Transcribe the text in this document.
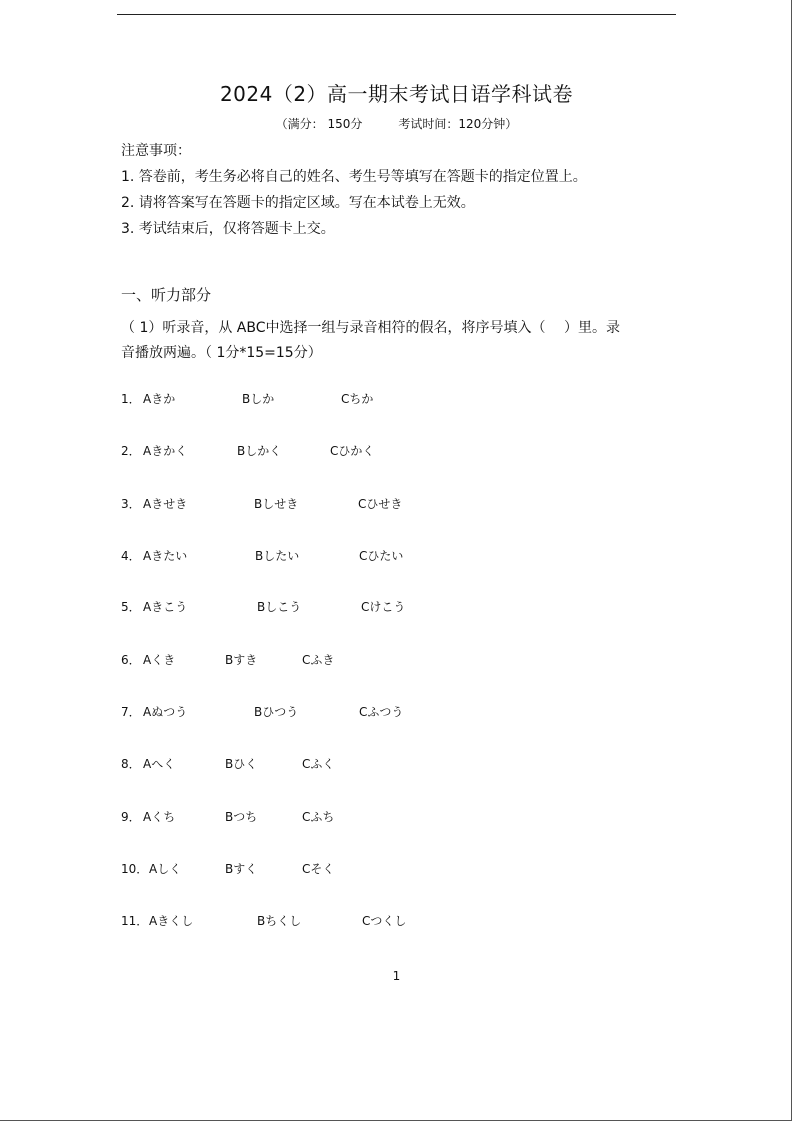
2024（2）高一期末考试日语学科试卷
（满分： 150分	考试时间：120分钟）
注意事项：
1. 答卷前，考生务必将自己的姓名、考生号等填写在答题卡的指定位置上。
2. 请将答案写在答题卡的指定区域。写在本试卷上无效。
3. 考试结束后，仅将答题卡上交。
一、听力部分
（ 1）听录音，从 ABC中选择一组与录音相符的假名，将序号填入（　 ）里。录
音播放两遍。（ 1分*15=15分）
1． Aきか	Bしか	Cちか
2． Aきかく	Bしかく	Cひかく
3． Aきせき	Bしせき	Cひせき
4． Aきたい	Bしたい	Cひたい
5． Aきこう	Bしこう	Cけこう
6． Aくき	Bすき	Cふき
7． Aぬつう	Bひつう	Cふつう
8． Aへく	Bひく	Cふく
9． Aくち	Bつち	Cふち
10． Aしく	Bすく	Cそく
11． Aきくし	Bちくし	Cつくし
1
